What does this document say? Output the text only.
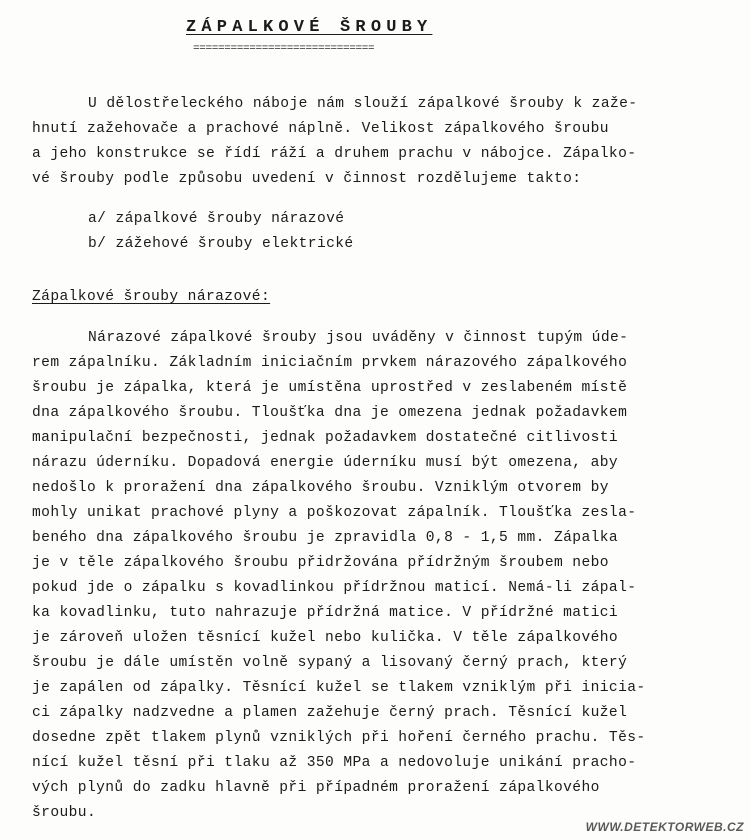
ZÁPALKOVÉ ŠROUBY
=============================
U dělostřeleckého náboje nám slouží zápalkové šrouby k zaže-
hnutí zažehovače a prachové náplně. Velikost zápalkového šroubu
a jeho konstrukce se řídí ráží a druhem prachu v nábojce. Zápalko-
vé šrouby podle způsobu uvedení v činnost rozdělujeme takto:
a/ zápalkové šrouby nárazové
b/ zážehové šrouby elektrické
Zápalkové šrouby nárazové:
Nárazové zápalkové šrouby jsou uváděny v činnost tupým úde-
rem zápalníku. Základním iniciačním prvkem nárazového zápalkového
šroubu je zápalka, která je umístěna uprostřed v zeslabeném místě
dna zápalkového šroubu. Tloušťka dna je omezena jednak požadavkem
manipulační bezpečnosti, jednak požadavkem dostatečné citlivosti
nárazu úderníku. Dopadová energie úderníku musí být omezena, aby
nedošlo k proražení dna zápalkového šroubu. Vzniklým otvorem by
mohly unikat prachové plyny a poškozovat zápalník. Tloušťka zesla-
beného dna zápalkového šroubu je zpravidla 0,8 - 1,5 mm. Zápalka
je v těle zápalkového šroubu přidržována přídržným šroubem nebo
pokud jde o zápalku s kovadlinkou přídržnou maticí. Nemá-li zápal-
ka kovadlinku, tuto nahrazuje přídržná matice. V přídržné matici
je zároveň uložen těsnící kužel nebo kulička. V těle zápalkového
šroubu je dále umístěn volně sypaný a lisovaný černý prach, který
je zapálen od zápalky. Těsnící kužel se tlakem vzniklým při inicia-
ci zápalky nadzvedne a plamen zažehuje černý prach. Těsnící kužel
dosedne zpět tlakem plynů vzniklých při hoření černého prachu. Těs-
nící kužel těsní při tlaku až 350 MPa a nedovoluje unikání pracho-
vých plynů do zadku hlavně při případném proražení zápalkového
šroubu.
WWW.DETEKTORWEB.CZ
